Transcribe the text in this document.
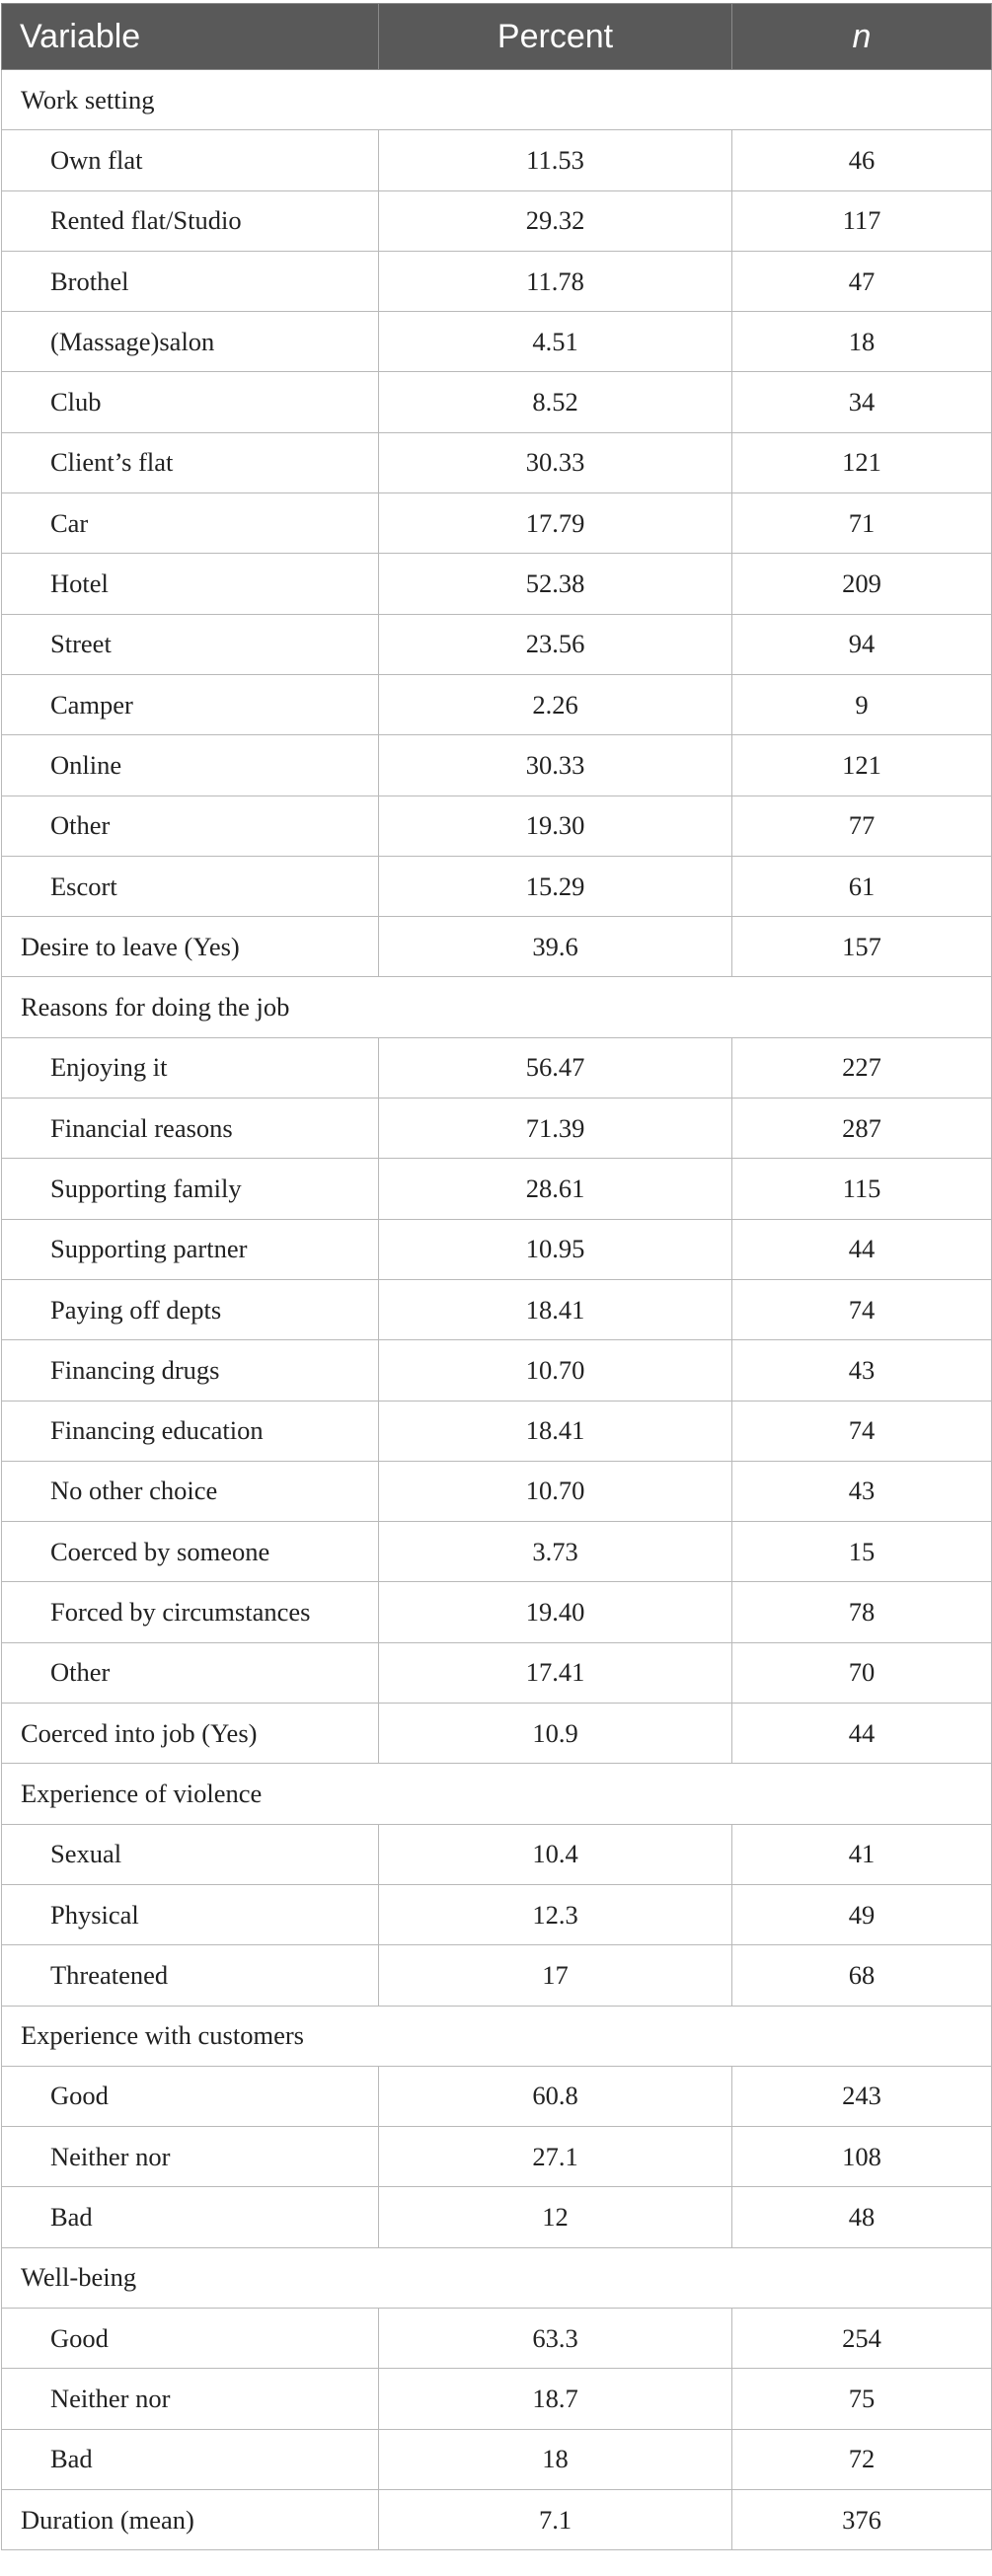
Variable	Percent	n
Work setting		
Own flat	11.53	46
Rented flat/Studio	29.32	117
Brothel	11.78	47
(Massage)salon	4.51	18
Club	8.52	34
Client’s flat	30.33	121
Car	17.79	71
Hotel	52.38	209
Street	23.56	94
Camper	2.26	9
Online	30.33	121
Other	19.30	77
Escort	15.29	61
Desire to leave (Yes)	39.6	157
Reasons for doing the job		
Enjoying it	56.47	227
Financial reasons	71.39	287
Supporting family	28.61	115
Supporting partner	10.95	44
Paying off depts	18.41	74
Financing drugs	10.70	43
Financing education	18.41	74
No other choice	10.70	43
Coerced by someone	3.73	15
Forced by circumstances	19.40	78
Other	17.41	70
Coerced into job (Yes)	10.9	44
Experience of violence		
Sexual	10.4	41
Physical	12.3	49
Threatened	17	68
Experience with customers		
Good	60.8	243
Neither nor	27.1	108
Bad	12	48
Well-being		
Good	63.3	254
Neither nor	18.7	75
Bad	18	72
Duration (mean)	7.1	376
